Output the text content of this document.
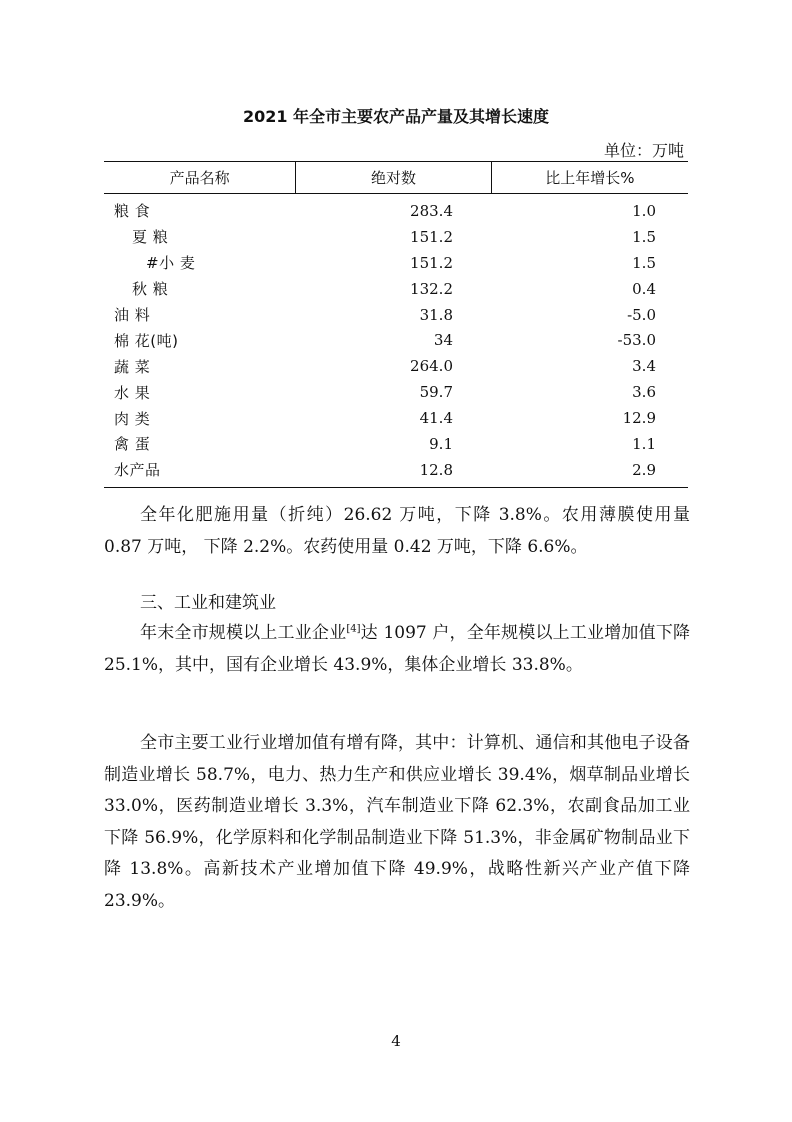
2021 年全市主要农产品产量及其增长速度
单位：万吨
产品名称	绝对数	比上年增长%
粮 食	283.4	1.0
夏 粮	151.2	1.5
#小 麦	151.2	1.5
秋 粮	132.2	0.4
油 料	31.8	-5.0
棉 花(吨)	34	-53.0
蔬 菜	264.0	3.4
水 果	59.7	3.6
肉 类	41.4	12.9
禽 蛋	9.1	1.1
水产品	12.8	2.9
全年化肥施用量（折纯）26.62 万吨，下降 3.8%。农用薄膜使用量 0.87 万吨， 下降 2.2%。农药使用量 0.42 万吨，下降 6.6%。
三、工业和建筑业
年末全市规模以上工业企业[4]达 1097 户，全年规模以上工业增加值下降 25.1%，其中，国有企业增长 43.9%，集体企业增长 33.8%。
全市主要工业行业增加值有增有降，其中：计算机、通信和其他电子设备制造业增长 58.7%，电力、热力生产和供应业增长 39.4%，烟草制品业增长 33.0%，医药制造业增长 3.3%，汽车制造业下降 62.3%，农副食品加工业下降 56.9%，化学原料和化学制品制造业下降 51.3%，非金属矿物制品业下降 13.8%。高新技术产业增加值下降 49.9%，战略性新兴产业产值下降 23.9%。
4
